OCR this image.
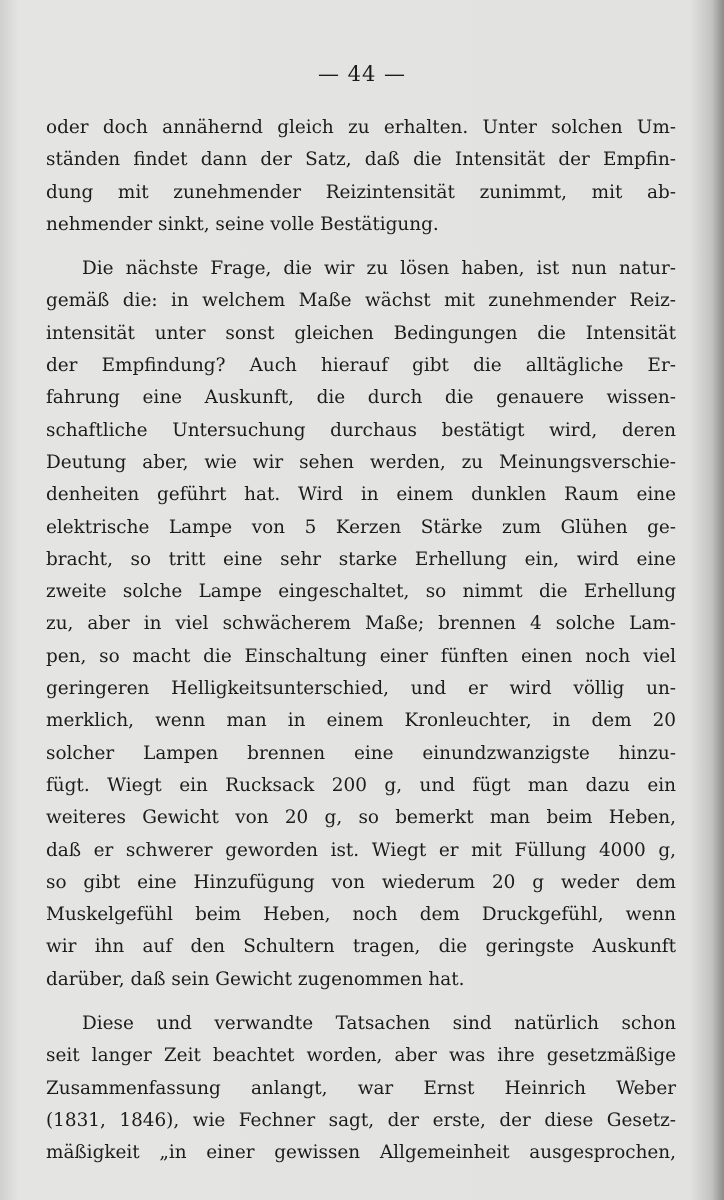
— 44 —

oder doch annähernd gleich zu erhalten. Unter solchen Um-
ständen findet dann der Satz, daß die Intensität der Empfin-
dung mit zunehmender Reizintensität zunimmt, mit ab-
nehmender sinkt, seine volle Bestätigung.

Die nächste Frage, die wir zu lösen haben, ist nun natur-
gemäß die: in welchem Maße wächst mit zunehmender Reiz-
intensität unter sonst gleichen Bedingungen die Intensität
der Empfindung? Auch hierauf gibt die alltägliche Er-
fahrung eine Auskunft, die durch die genauere wissen-
schaftliche Untersuchung durchaus bestätigt wird, deren
Deutung aber, wie wir sehen werden, zu Meinungsverschie-
denheiten geführt hat. Wird in einem dunklen Raum eine
elektrische Lampe von 5 Kerzen Stärke zum Glühen ge-
bracht, so tritt eine sehr starke Erhellung ein, wird eine
zweite solche Lampe eingeschaltet, so nimmt die Erhellung
zu, aber in viel schwächerem Maße; brennen 4 solche Lam-
pen, so macht die Einschaltung einer fünften einen noch viel
geringeren Helligkeitsunterschied, und er wird völlig un-
merklich, wenn man in einem Kronleuchter, in dem 20
solcher Lampen brennen eine einundzwanzigste hinzu-
fügt. Wiegt ein Rucksack 200 g, und fügt man dazu ein
weiteres Gewicht von 20 g, so bemerkt man beim Heben,
daß er schwerer geworden ist. Wiegt er mit Füllung 4000 g,
so gibt eine Hinzufügung von wiederum 20 g weder dem
Muskelgefühl beim Heben, noch dem Druckgefühl, wenn
wir ihn auf den Schultern tragen, die geringste Auskunft
darüber, daß sein Gewicht zugenommen hat.

Diese und verwandte Tatsachen sind natürlich schon
seit langer Zeit beachtet worden, aber was ihre gesetzmäßige
Zusammenfassung anlangt, war Ernst Heinrich Weber
(1831, 1846), wie Fechner sagt, der erste, der diese Gesetz-
mäßigkeit „in einer gewissen Allgemeinheit ausgesprochen,
